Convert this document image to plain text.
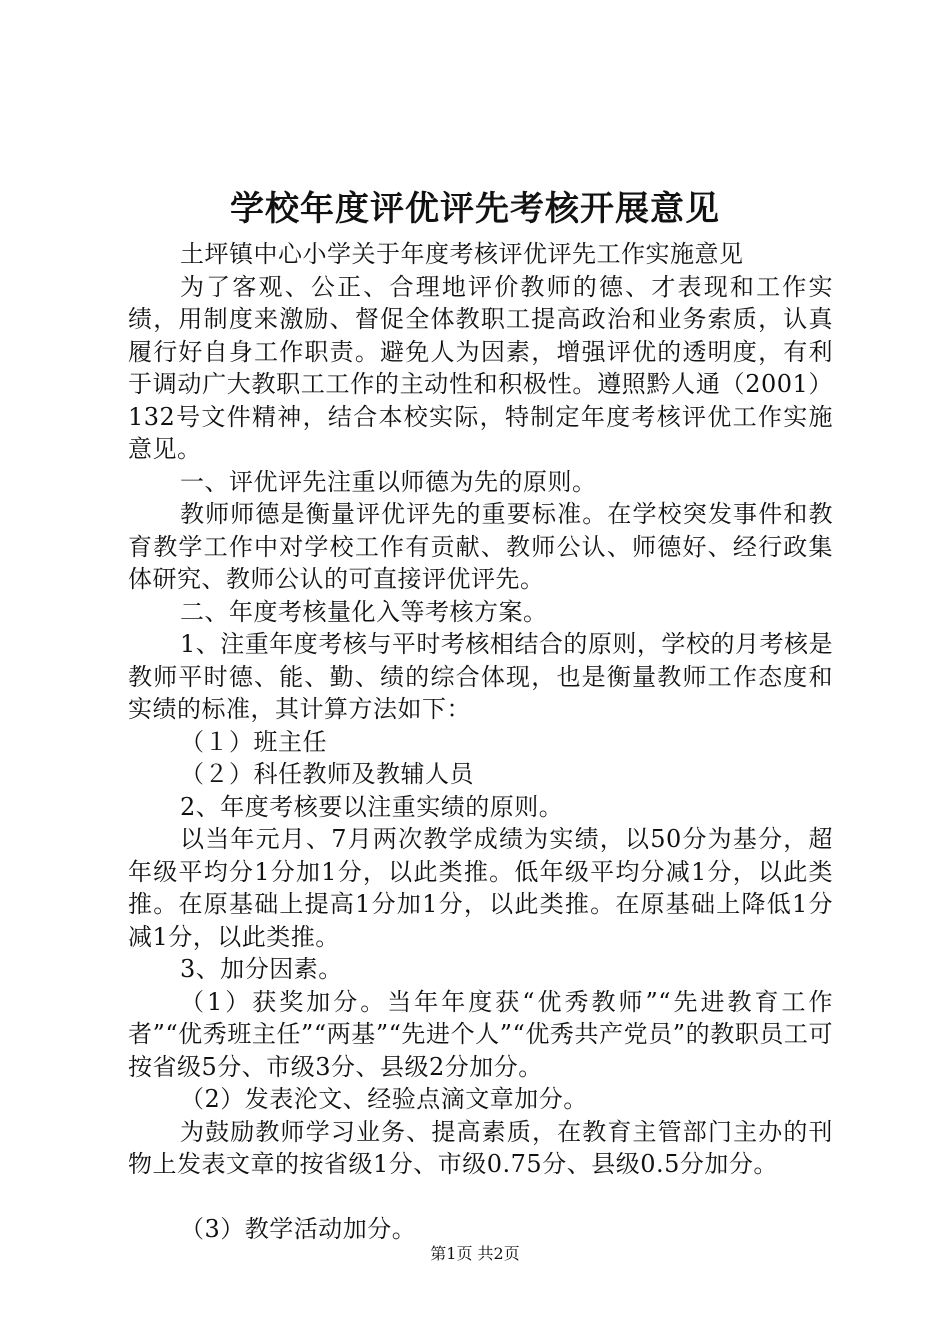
学校年度评优评先考核开展意见

土坪镇中心小学关于年度考核评优评先工作实施意见

为了客观、公正、合理地评价教师的德、才表现和工作实绩，用制度来激励、督促全体教职工提高政治和业务索质，认真履行好自身工作职责。避免人为因素，增强评优的透明度，有利于调动广大教职工工作的主动性和积极性。遵照黔人通（2001）132号文件精神，结合本校实际，特制定年度考核评优工作实施意见。

一、评优评先注重以师德为先的原则。

教师师德是衡量评优评先的重要标准。在学校突发事件和教育教学工作中对学校工作有贡献、教师公认、师德好、经行政集体研究、教师公认的可直接评优评先。

二、年度考核量化入等考核方案。

1、注重年度考核与平时考核相结合的原则，学校的月考核是教师平时德、能、勤、绩的综合体现，也是衡量教师工作态度和实绩的标准，其计算方法如下：

（１）班主任

（２）科任教师及教辅人员

2、年度考核要以注重实绩的原则。

以当年元月、7月两次教学成绩为实绩，以50分为基分，超年级平均分1分加1分，以此类推。低年级平均分减1分，以此类推。在原基础上提高1分加1分，以此类推。在原基础上降低1分减1分，以此类推。

3、加分因素。

（1）获奖加分。当年年度获“优秀教师”“先进教育工作者”“优秀班主任”“两基”“先进个人”“优秀共产党员”的教职员工可按省级5分、市级3分、县级2分加分。

（2）发表沦文、经验点滴文章加分。

为鼓励教师学习业务、提高素质，在教育主管部门主办的刊物上发表文章的按省级1分、市级0.75分、县级0.5分加分。

（3）教学活动加分。

第1页 共2页
